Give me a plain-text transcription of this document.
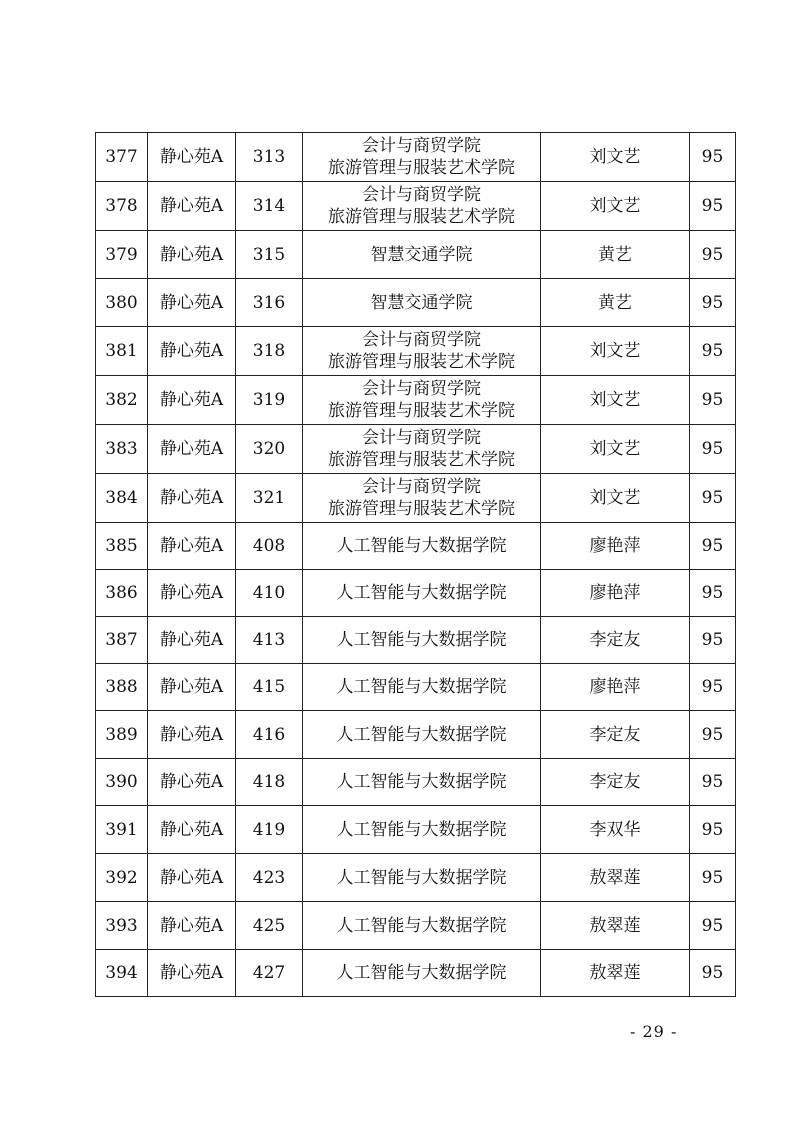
377	静心苑A	313	会计与商贸学院
旅游管理与服装艺术学院	刘文艺	95
378	静心苑A	314	会计与商贸学院
旅游管理与服装艺术学院	刘文艺	95
379	静心苑A	315	智慧交通学院	黄艺	95
380	静心苑A	316	智慧交通学院	黄艺	95
381	静心苑A	318	会计与商贸学院
旅游管理与服装艺术学院	刘文艺	95
382	静心苑A	319	会计与商贸学院
旅游管理与服装艺术学院	刘文艺	95
383	静心苑A	320	会计与商贸学院
旅游管理与服装艺术学院	刘文艺	95
384	静心苑A	321	会计与商贸学院
旅游管理与服装艺术学院	刘文艺	95
385	静心苑A	408	人工智能与大数据学院	廖艳萍	95
386	静心苑A	410	人工智能与大数据学院	廖艳萍	95
387	静心苑A	413	人工智能与大数据学院	李定友	95
388	静心苑A	415	人工智能与大数据学院	廖艳萍	95
389	静心苑A	416	人工智能与大数据学院	李定友	95
390	静心苑A	418	人工智能与大数据学院	李定友	95
391	静心苑A	419	人工智能与大数据学院	李双华	95
392	静心苑A	423	人工智能与大数据学院	敖翠莲	95
393	静心苑A	425	人工智能与大数据学院	敖翠莲	95
394	静心苑A	427	人工智能与大数据学院	敖翠莲	95
- 29 -
